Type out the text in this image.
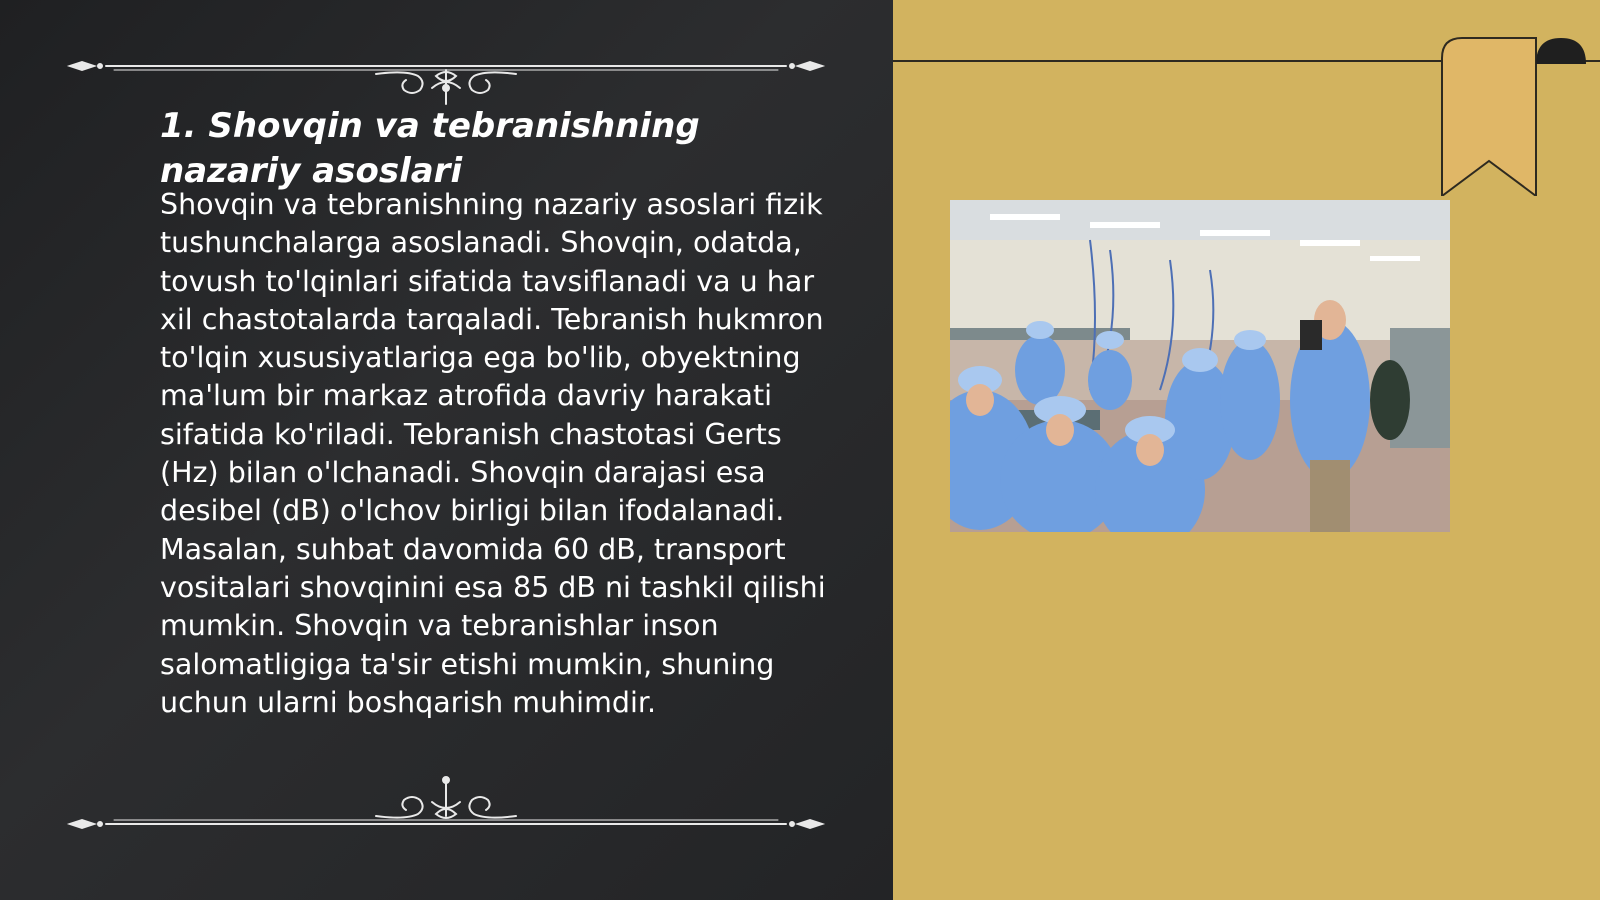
1. Shovqin va tebranishning nazariy asoslari

Shovqin va tebranishning nazariy asoslari fizik tushunchalarga asoslanadi. Shovqin, odatda, tovush to'lqinlari sifatida tavsiflanadi va u har xil chastotalarda tarqaladi. Tebranish hukmron to'lqin xususiyatlariga ega bo'lib, obyektning ma'lum bir markaz atrofida davriy harakati sifatida ko'riladi. Tebranish chastotasi Gerts (Hz) bilan o'lchanadi. Shovqin darajasi esa desibel (dB) o'lchov birligi bilan ifodalanadi. Masalan, suhbat davomida 60 dB, transport vositalari shovqinini esa 85 dB ni tashkil qilishi mumkin. Shovqin va tebranishlar inson salomatligiga ta'sir etishi mumkin, shuning uchun ularni boshqarish muhimdir.
